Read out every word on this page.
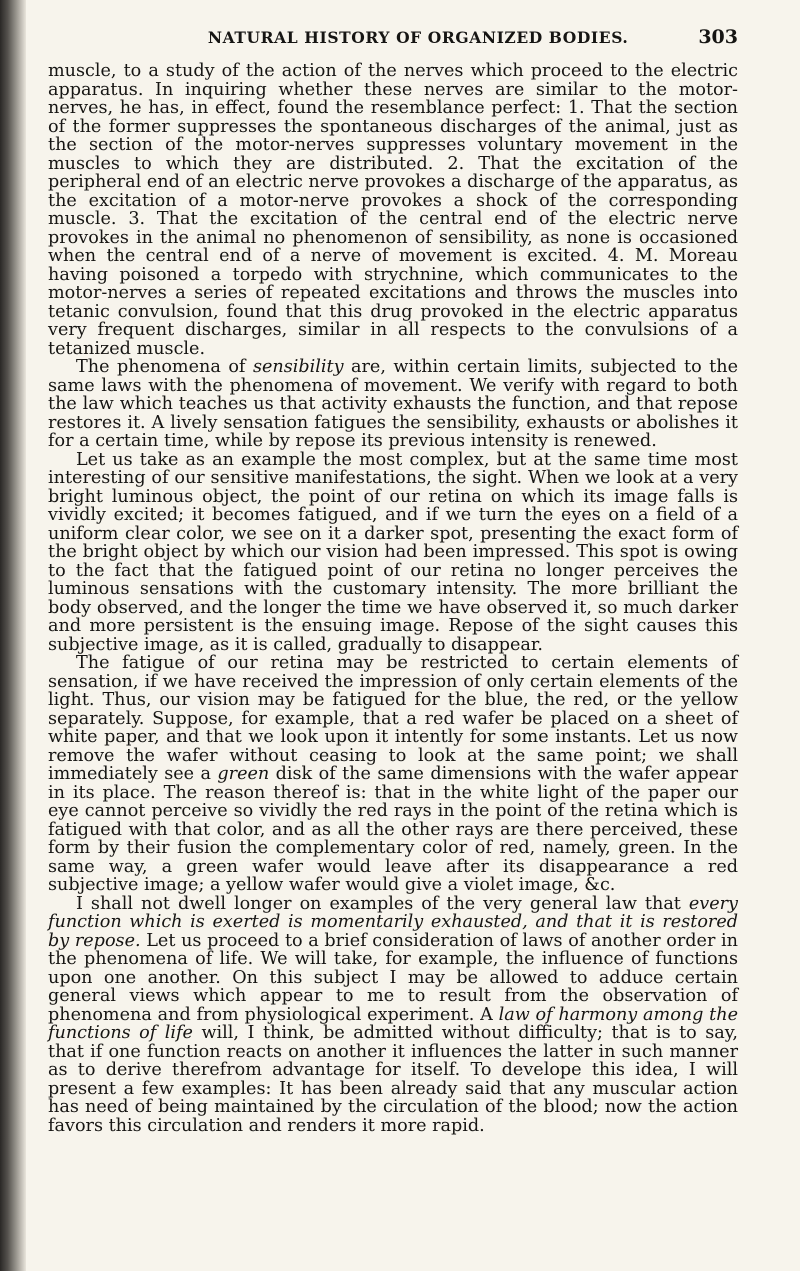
NATURAL HISTORY OF ORGANIZED BODIES.	303

muscle, to a study of the action of the nerves which proceed to the electric apparatus. In inquiring whether these nerves are similar to the motor-nerves, he has, in effect, found the resemblance perfect: 1. That the section of the former suppresses the spontaneous discharges of the animal, just as the section of the motor-nerves suppresses voluntary movement in the muscles to which they are distributed. 2. That the excitation of the peripheral end of an electric nerve provokes a discharge of the apparatus, as the excitation of a motor-nerve provokes a shock of the corresponding muscle. 3. That the excitation of the central end of the electric nerve provokes in the animal no phenomenon of sensibility, as none is occasioned when the central end of a nerve of movement is excited. 4. M. Moreau having poisoned a torpedo with strychnine, which communicates to the motor-nerves a series of repeated excitations and throws the muscles into tetanic convulsion, found that this drug provoked in the electric apparatus very frequent discharges, similar in all respects to the convulsions of a tetanized muscle.

The phenomena of sensibility are, within certain limits, subjected to the same laws with the phenomena of movement. We verify with regard to both the law which teaches us that activity exhausts the function, and that repose restores it. A lively sensation fatigues the sensibility, exhausts or abolishes it for a certain time, while by repose its previous intensity is renewed.

Let us take as an example the most complex, but at the same time most interesting of our sensitive manifestations, the sight. When we look at a very bright luminous object, the point of our retina on which its image falls is vividly excited; it becomes fatigued, and if we turn the eyes on a field of a uniform clear color, we see on it a darker spot, presenting the exact form of the bright object by which our vision had been impressed. This spot is owing to the fact that the fatigued point of our retina no longer perceives the luminous sensations with the customary intensity. The more brilliant the body observed, and the longer the time we have observed it, so much darker and more persistent is the ensuing image. Repose of the sight causes this subjective image, as it is called, gradually to disappear.

The fatigue of our retina may be restricted to certain elements of sensation, if we have received the impression of only certain elements of the light. Thus, our vision may be fatigued for the blue, the red, or the yellow separately. Suppose, for example, that a red wafer be placed on a sheet of white paper, and that we look upon it intently for some instants. Let us now remove the wafer without ceasing to look at the same point; we shall immediately see a green disk of the same dimensions with the wafer appear in its place. The reason thereof is: that in the white light of the paper our eye cannot perceive so vividly the red rays in the point of the retina which is fatigued with that color, and as all the other rays are there perceived, these form by their fusion the complementary color of red, namely, green. In the same way, a green wafer would leave after its disappearance a red subjective image; a yellow wafer would give a violet image, &c.

I shall not dwell longer on examples of the very general law that every function which is exerted is momentarily exhausted, and that it is restored by repose. Let us proceed to a brief consideration of laws of another order in the phenomena of life. We will take, for example, the influence of functions upon one another. On this subject I may be allowed to adduce certain general views which appear to me to result from the observation of phenomena and from physiological experiment. A law of harmony among the functions of life will, I think, be admitted without difficulty; that is to say, that if one function reacts on another it influences the latter in such manner as to derive therefrom advantage for itself. To develope this idea, I will present a few examples: It has been already said that any muscular action has need of being maintained by the circulation of the blood; now the action favors this circulation and renders it more rapid.
